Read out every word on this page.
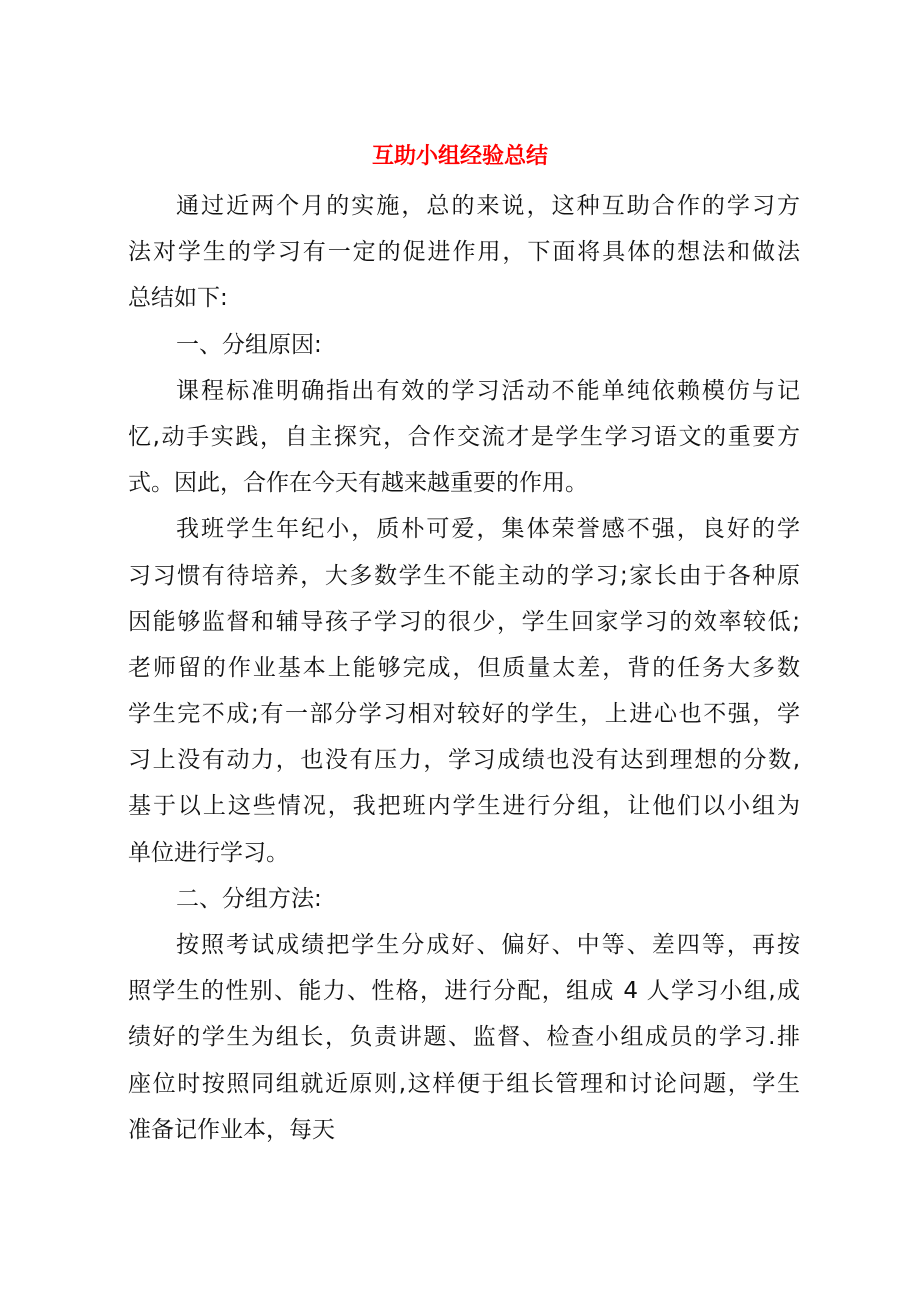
互助小组经验总结
通过近两个月的实施，总的来说，这种互助合作的学习方
法对学生的学习有一定的促进作用，下面将具体的想法和做法
总结如下:
一、分组原因:
课程标准明确指出有效的学习活动不能单纯依赖模仿与记
忆,动手实践，自主探究，合作交流才是学生学习语文的重要方
式。因此，合作在今天有越来越重要的作用。
我班学生年纪小，质朴可爱，集体荣誉感不强，良好的学
习习惯有待培养，大多数学生不能主动的学习;家长由于各种原
因能够监督和辅导孩子学习的很少，学生回家学习的效率较低;
老师留的作业基本上能够完成，但质量太差，背的任务大多数
学生完不成;有一部分学习相对较好的学生，上进心也不强，学
习上没有动力，也没有压力，学习成绩也没有达到理想的分数,
基于以上这些情况，我把班内学生进行分组，让他们以小组为
单位进行学习。
二、分组方法:
按照考试成绩把学生分成好、偏好、中等、差四等，再按
照学生的性别、能力、性格，进行分配，组成 4 人学习小组,成
绩好的学生为组长，负责讲题、监督、检查小组成员的学习.排
座位时按照同组就近原则,这样便于组长管理和讨论问题，学生
准备记作业本，每天
